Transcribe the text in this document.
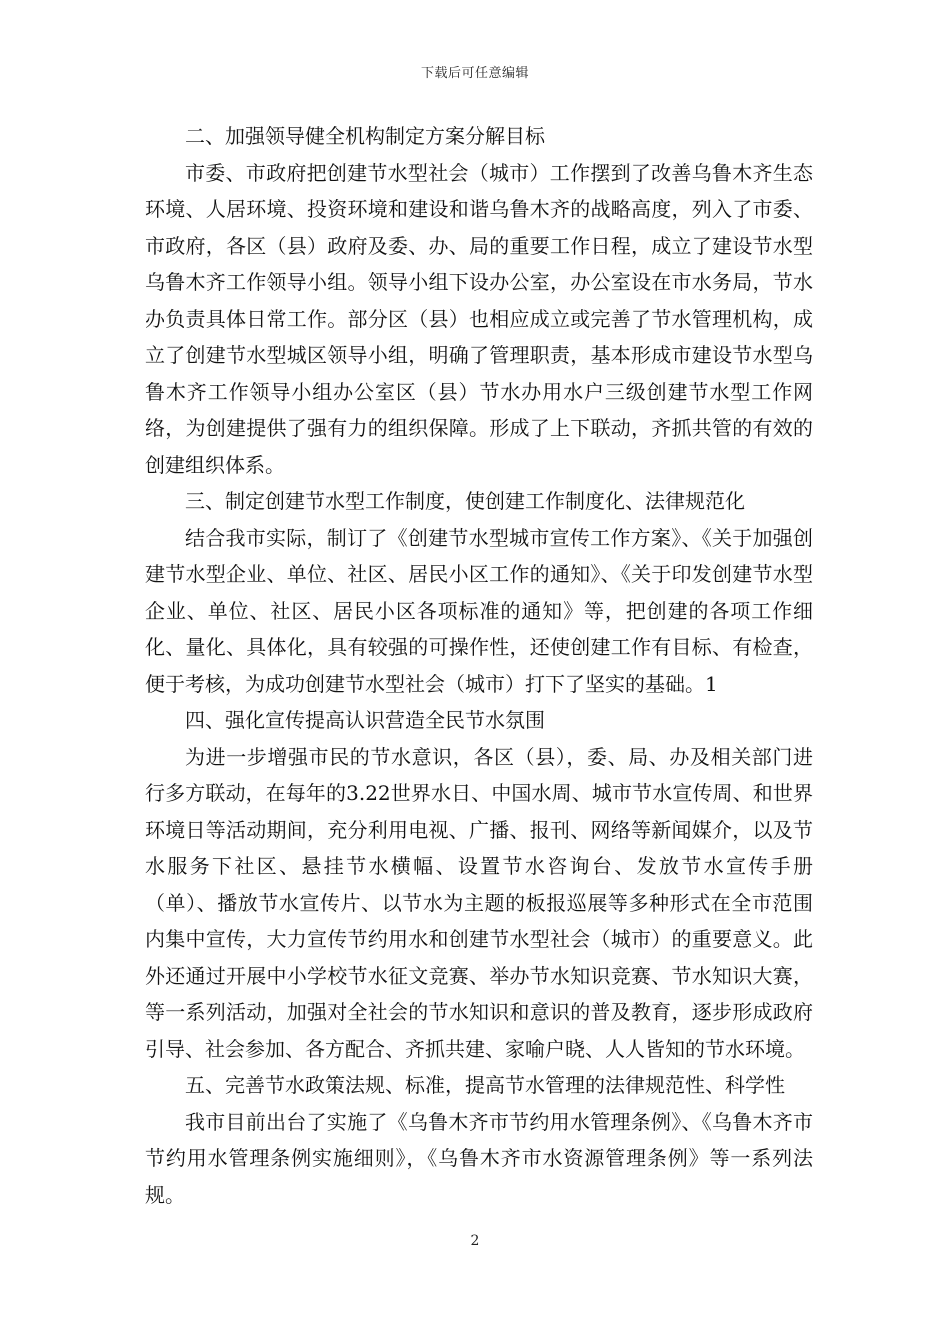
下载后可任意编辑

二、加强领导健全机构制定方案分解目标

市委、市政府把创建节水型社会（城市）工作摆到了改善乌鲁木齐生态环境、人居环境、投资环境和建设和谐乌鲁木齐的战略高度，列入了市委、市政府，各区（县）政府及委、办、局的重要工作日程，成立了建设节水型乌鲁木齐工作领导小组。领导小组下设办公室，办公室设在市水务局，节水办负责具体日常工作。部分区（县）也相应成立或完善了节水管理机构，成立了创建节水型城区领导小组，明确了管理职责，基本形成市建设节水型乌鲁木齐工作领导小组办公室区（县）节水办用水户三级创建节水型工作网络，为创建提供了强有力的组织保障。形成了上下联动，齐抓共管的有效的创建组织体系。

三、制定创建节水型工作制度，使创建工作制度化、法律规范化

结合我市实际，制订了《创建节水型城市宣传工作方案》、《关于加强创建节水型企业、单位、社区、居民小区工作的通知》、《关于印发创建节水型企业、单位、社区、居民小区各项标准的通知》等，把创建的各项工作细化、量化、具体化，具有较强的可操作性，还使创建工作有目标、有检查，便于考核，为成功创建节水型社会（城市）打下了坚实的基础。1

四、强化宣传提高认识营造全民节水氛围

为进一步增强市民的节水意识，各区（县），委、局、办及相关部门进行多方联动，在每年的3.22世界水日、中国水周、城市节水宣传周、和世界环境日等活动期间，充分利用电视、广播、报刊、网络等新闻媒介，以及节水服务下社区、悬挂节水横幅、设置节水咨询台、发放节水宣传手册（单）、播放节水宣传片、以节水为主题的板报巡展等多种形式在全市范围内集中宣传，大力宣传节约用水和创建节水型社会（城市）的重要意义。此外还通过开展中小学校节水征文竞赛、举办节水知识竞赛、节水知识大赛，等一系列活动，加强对全社会的节水知识和意识的普及教育，逐步形成政府引导、社会参加、各方配合、齐抓共建、家喻户晓、人人皆知的节水环境。

五、完善节水政策法规、标准，提高节水管理的法律规范性、科学性

我市目前出台了实施了《乌鲁木齐市节约用水管理条例》、《乌鲁木齐市节约用水管理条例实施细则》，《乌鲁木齐市水资源管理条例》等一系列法规。

2
